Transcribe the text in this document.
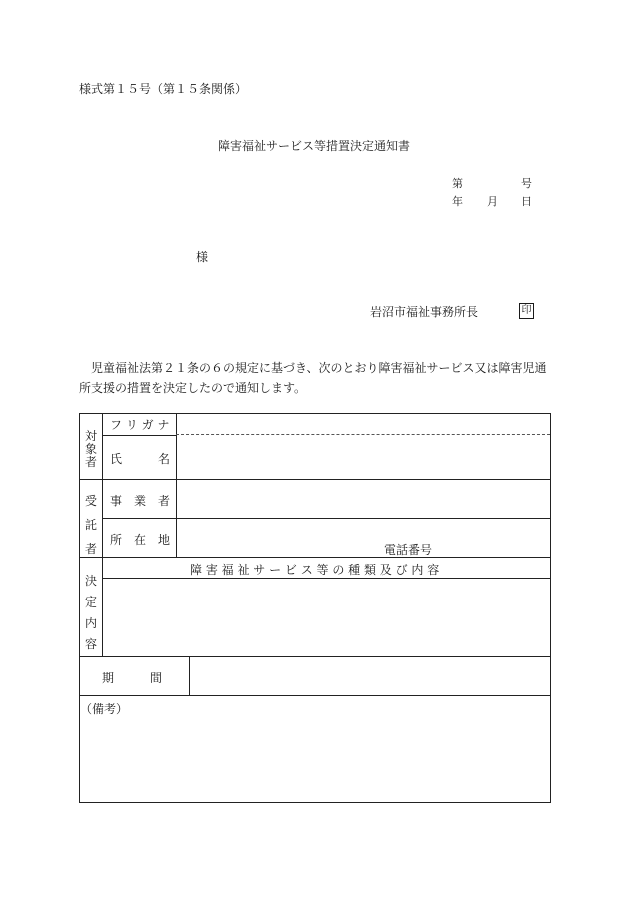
様式第１５号（第１５条関係）
障害福祉サービス等措置決定通知書
第	号
年 月 日
様
岩沼市福祉事務所長	印
児童福祉法第２１条の６の規定に基づき、次のとおり障害福祉サービス又は障害児通所支援の措置を決定したので通知します。
対
象
者
フ リ ガ ナ
氏　　　名
受
託
者
事　業　者
所　在　地
電話番号
決
定
内
容
障 害 福 祉 サ ー ビ ス 等 の 種 類 及 び 内 容
期　　　間
（備考）
